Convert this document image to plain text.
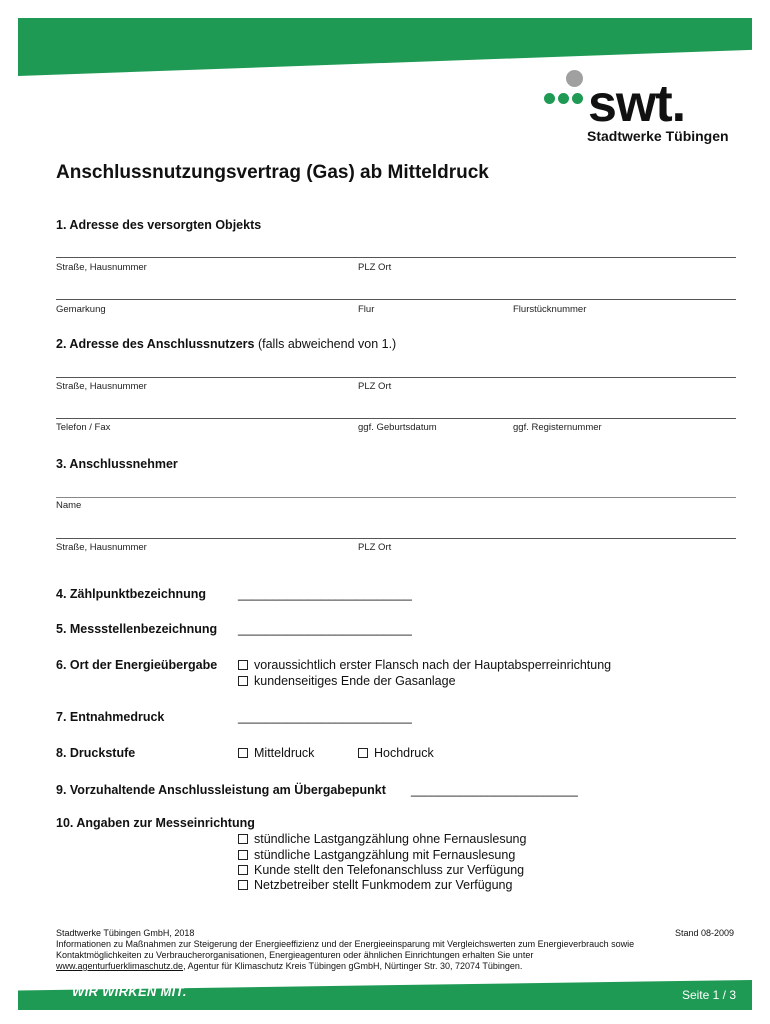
swt.
Stadtwerke Tübingen
Anschlussnutzungsvertrag (Gas) ab Mitteldruck
1. Adresse des versorgten Objekts
Straße, Hausnummer	PLZ Ort
Gemarkung	Flur	Flurstücknummer
2. Adresse des Anschlussnutzers (falls abweichend von 1.)
Straße, Hausnummer	PLZ Ort
Telefon / Fax	ggf. Geburtsdatum	ggf. Registernummer
3. Anschlussnehmer
Name
Straße, Hausnummer	PLZ Ort
4. Zählpunktbezeichnung	_________________________
5. Messstellenbezeichnung _________________________
6. Ort der Energieübergabe	voraussichtlich erster Flansch nach der Hauptabsperreinrichtung
kundenseitiges Ende der Gasanlage
7. Entnahmedruck	_________________________
8. Druckstufe	Mitteldruck	Hochdruck
9. Vorzuhaltende Anschlussleistung am Übergabepunkt ________________________
10. Angaben zur Messeinrichtung
stündliche Lastgangzählung ohne Fernauslesung
stündliche Lastgangzählung mit Fernauslesung
Kunde stellt den Telefonanschluss zur Verfügung
Netzbetreiber stellt Funkmodem zur Verfügung
Stadtwerke Tübingen GmbH, 2018	Stand 08-2009
Informationen zu Maßnahmen zur Steigerung der Energieeffizienz und der Energieeinsparung mit Vergleichswerten zum Energieverbrauch sowie
Kontaktmöglichkeiten zu Verbraucherorganisationen, Energieagenturen oder ähnlichen Einrichtungen erhalten Sie unter
www.agenturfuerklimaschutz.de, Agentur für Klimaschutz Kreis Tübingen gGmbH, Nürtinger Str. 30, 72074 Tübingen.
WIR WIRKEN MIT.	Seite 1 / 3
